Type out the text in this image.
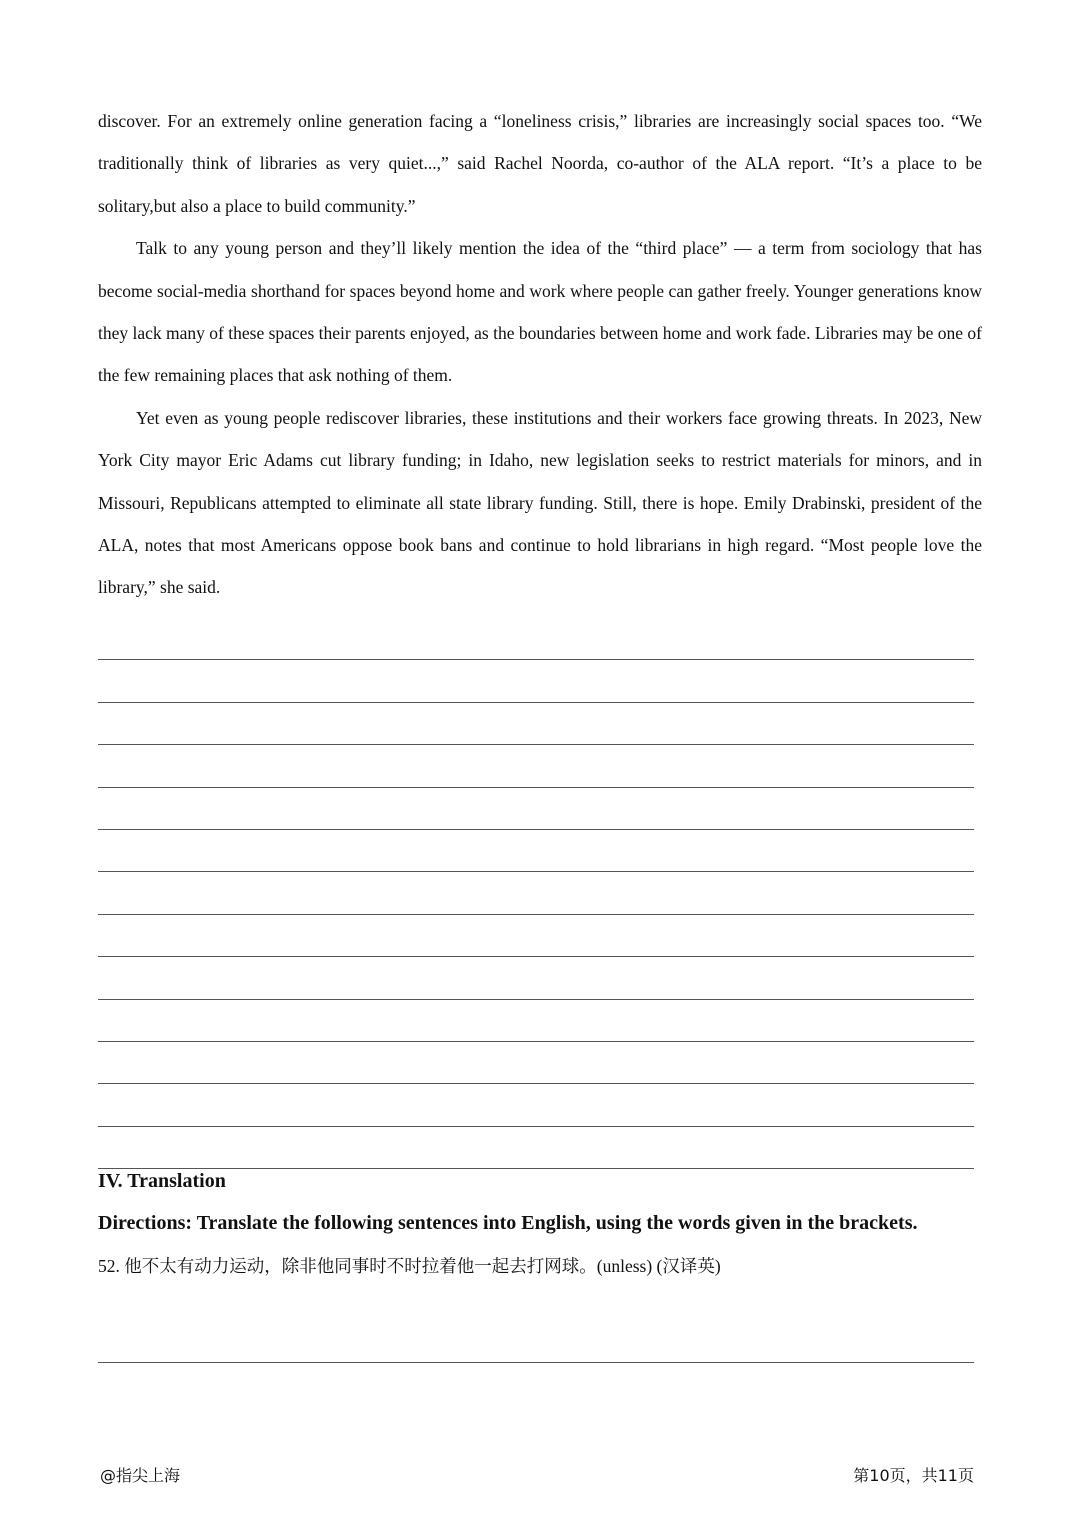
discover. For an extremely online generation facing a “loneliness crisis,” libraries are increasingly social spaces too. “We traditionally think of libraries as very quiet...,” said Rachel Noorda, co-author of the ALA report. “It’s a place to be solitary,but also a place to build community.”

Talk to any young person and they’ll likely mention the idea of the “third place” — a term from sociology that has become social-media shorthand for spaces beyond home and work where people can gather freely. Younger generations know they lack many of these spaces their parents enjoyed, as the boundaries between home and work fade. Libraries may be one of the few remaining places that ask nothing of them.

Yet even as young people rediscover libraries, these institutions and their workers face growing threats. In 2023, New York City mayor Eric Adams cut library funding; in Idaho, new legislation seeks to restrict materials for minors, and in Missouri, Republicans attempted to eliminate all state library funding. Still, there is hope. Emily Drabinski, president of the ALA, notes that most Americans oppose book bans and continue to hold librarians in high regard. “Most people love the library,” she said.

IV. Translation

Directions: Translate the following sentences into English, using the words given in the brackets.

52. 他不太有动力运动，除非他同事时不时拉着他一起去打网球。(unless) (汉译英)

@指尖上海	第10页，共11页
